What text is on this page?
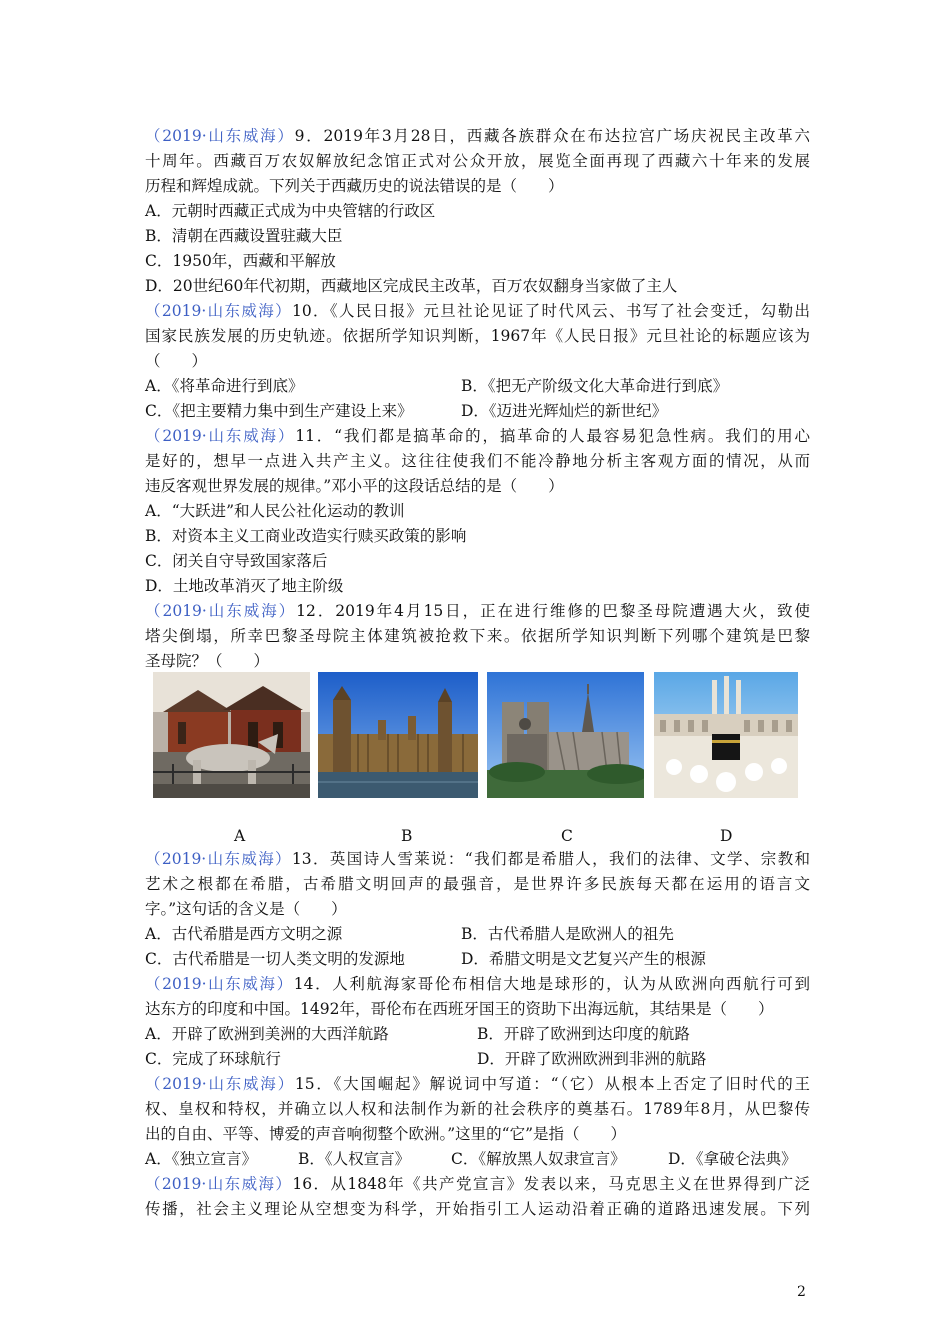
（2019·山东威海）9．2019年3月28日，西藏各族群众在布达拉宫广场庆祝民主改革六
十周年。西藏百万农奴解放纪念馆正式对公众开放，展览全面再现了西藏六十年来的发展
历程和辉煌成就。下列关于西藏历史的说法错误的是（　　）
A．元朝时西藏正式成为中央管辖的行政区
B．清朝在西藏设置驻藏大臣
C．1950年，西藏和平解放
D．20世纪60年代初期，西藏地区完成民主改革，百万农奴翻身当家做了主人
（2019·山东威海）10．《人民日报》元旦社论见证了时代风云、书写了社会变迁，勾勒出
国家民族发展的历史轨迹。依据所学知识判断，1967年《人民日报》元旦社论的标题应该为
（　　）
A．《将革命进行到底》	B．《把无产阶级文化大革命进行到底》
C．《把主要精力集中到生产建设上来》	D．《迈进光辉灿烂的新世纪》
（2019·山东威海）11．“我们都是搞革命的，搞革命的人最容易犯急性病。我们的用心
是好的，想早一点进入共产主义。这往往使我们不能冷静地分析主客观方面的情况，从而
违反客观世界发展的规律。”邓小平的这段话总结的是（　　）
A．“大跃进”和人民公社化运动的教训
B．对资本主义工商业改造实行赎买政策的影响
C．闭关自守导致国家落后
D．土地改革消灭了地主阶级
（2019·山东威海）12．2019年4月15日，正在进行维修的巴黎圣母院遭遇大火，致使
塔尖倒塌，所幸巴黎圣母院主体建筑被抢救下来。依据所学知识判断下列哪个建筑是巴黎
圣母院？（　　）
A	B	C	D
（2019·山东威海）13．英国诗人雪莱说：“我们都是希腊人，我们的法律、文学、宗教和
艺术之根都在希腊，古希腊文明回声的最强音，是世界许多民族每天都在运用的语言文
字。”这句话的含义是（　　）
A．古代希腊是西方文明之源	B．古代希腊人是欧洲人的祖先
C．古代希腊是一切人类文明的发源地	D．希腊文明是文艺复兴产生的根源
（2019·山东威海）14．人利航海家哥伦布相信大地是球形的，认为从欧洲向西航行可到
达东方的印度和中国。1492年，哥伦布在西班牙国王的资助下出海远航，其结果是（　　）
A．开辟了欧洲到美洲的大西洋航路	B．开辟了欧洲到达印度的航路
C．完成了环球航行	D．开辟了欧洲欧洲到非洲的航路
（2019·山东威海）15．《大国崛起》解说词中写道：“（它）从根本上否定了旧时代的王
权、皇权和特权，并确立以人权和法制作为新的社会秩序的奠基石。1789年8月，从巴黎传
出的自由、平等、博爱的声音响彻整个欧洲。”这里的“它”是指（　　）
A．《独立宣言》	B．《人权宣言》	C．《解放黑人奴隶宣言》	D．《拿破仑法典》
（2019·山东威海）16．从1848年《共产党宣言》发表以来，马克思主义在世界得到广泛
传播，社会主义理论从空想变为科学，开始指引工人运动沿着正确的道路迅速发展。下列
2
